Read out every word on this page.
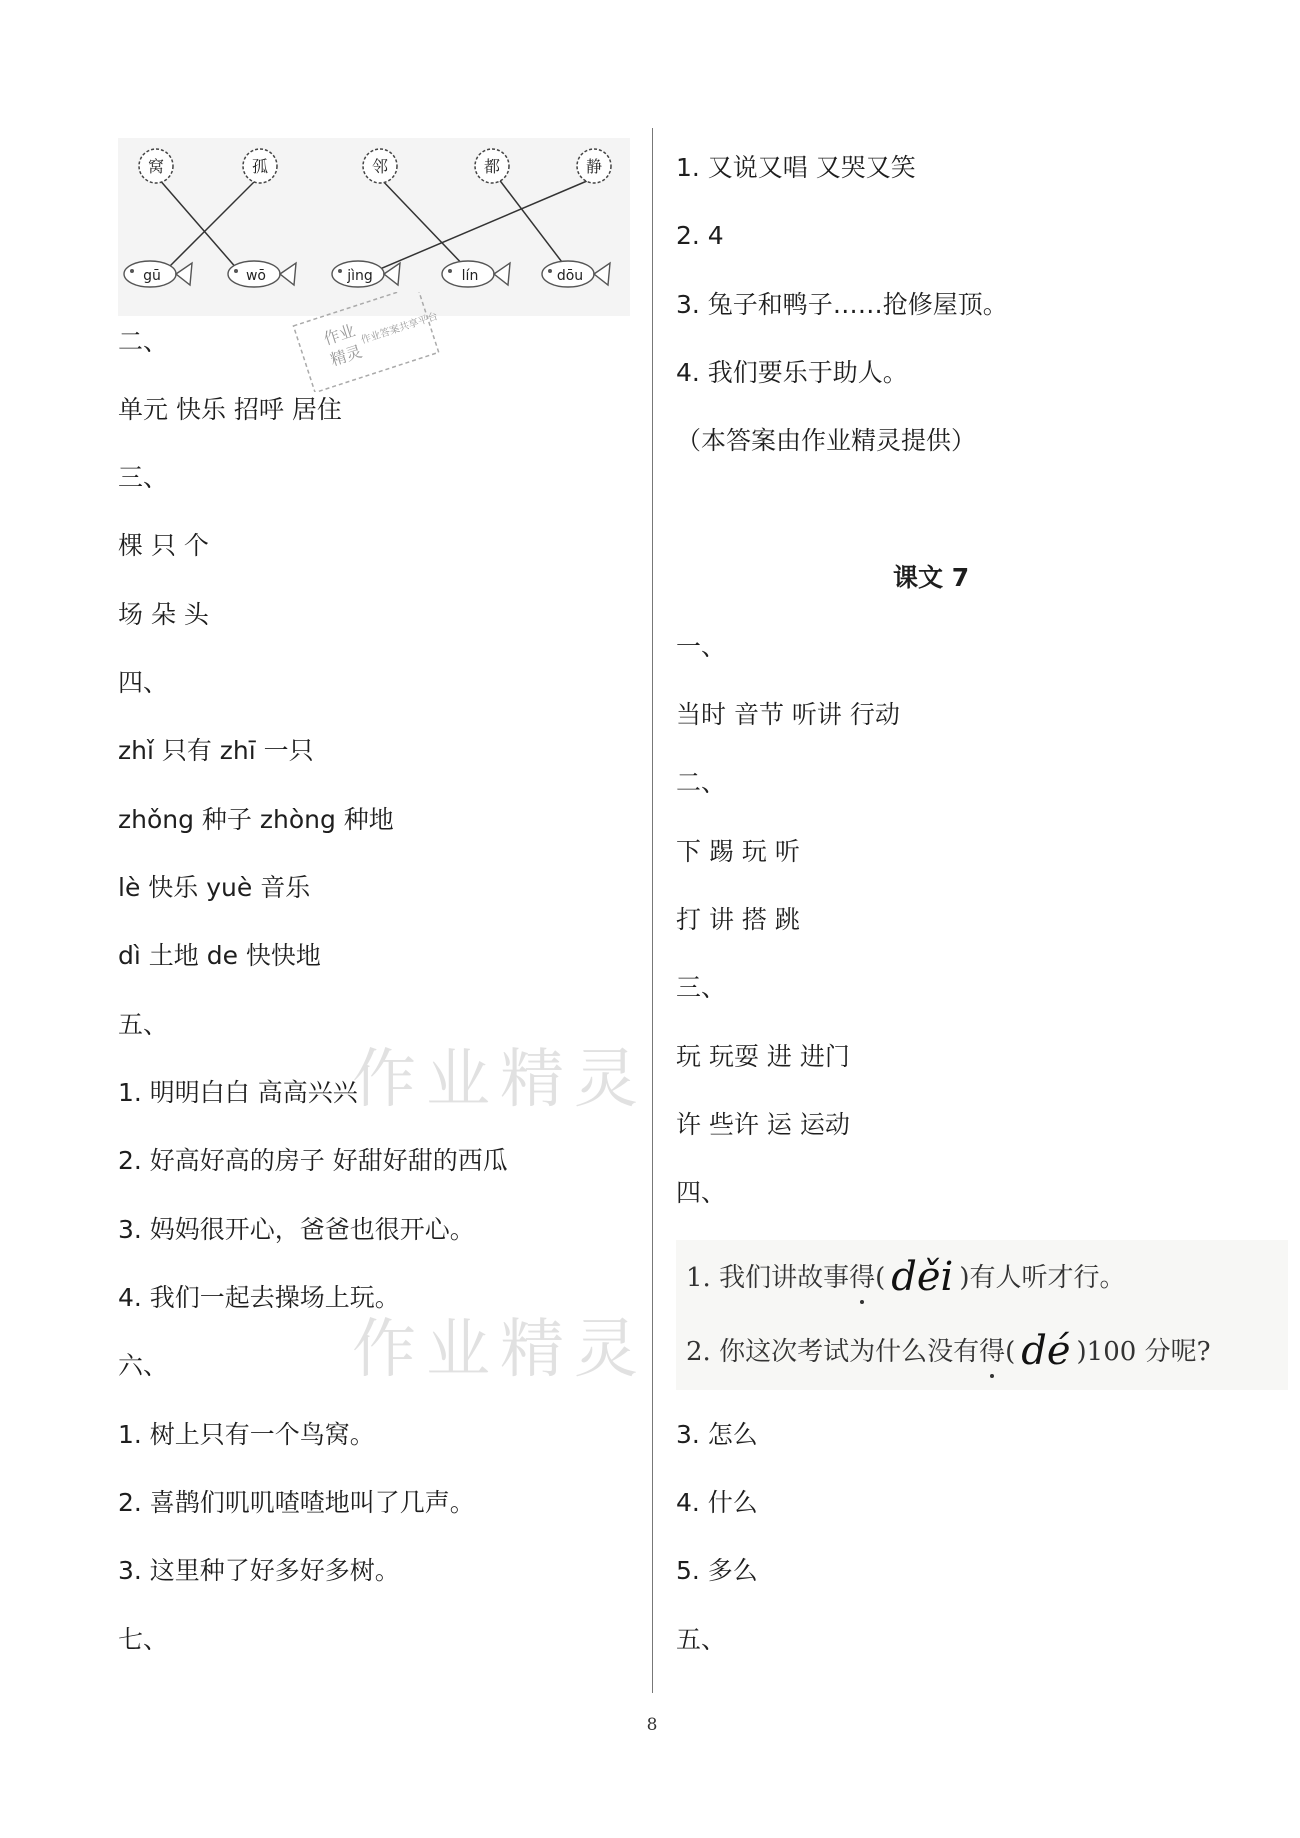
窝	孤	邻	都	静
gū	wō	jìng	lín	dōu
作业
精灵
作业答案共享平台
二、
单元 快乐 招呼 居住
三、
棵 只 个
场 朵 头
四、
zhǐ 只有 zhī 一只
zhǒng 种子 zhòng 种地
lè 快乐 yuè 音乐
dì 土地 de 快快地
五、
1. 明明白白 高高兴兴
2. 好高好高的房子 好甜好甜的西瓜
3. 妈妈很开心，爸爸也很开心。
4. 我们一起去操场上玩。
六、
1. 树上只有一个鸟窝。
2. 喜鹊们叽叽喳喳地叫了几声。
3. 这里种了好多好多树。
七、
作业精灵
作业精灵
1. 又说又唱 又哭又笑
2. 4
3. 兔子和鸭子……抢修屋顶。
4. 我们要乐于助人。
（本答案由作业精灵提供）
课文 7
一、
当时 音节 听讲 行动
二、
下 踢 玩 听
打 讲 搭 跳
三、
玩 玩耍 进 进门
许 些许 运 运动
四、
1. 我们讲故事得( děi )有人听才行。
2. 你这次考试为什么没有得( dé )100 分呢?
3. 怎么
4. 什么
5. 多么
五、
8
